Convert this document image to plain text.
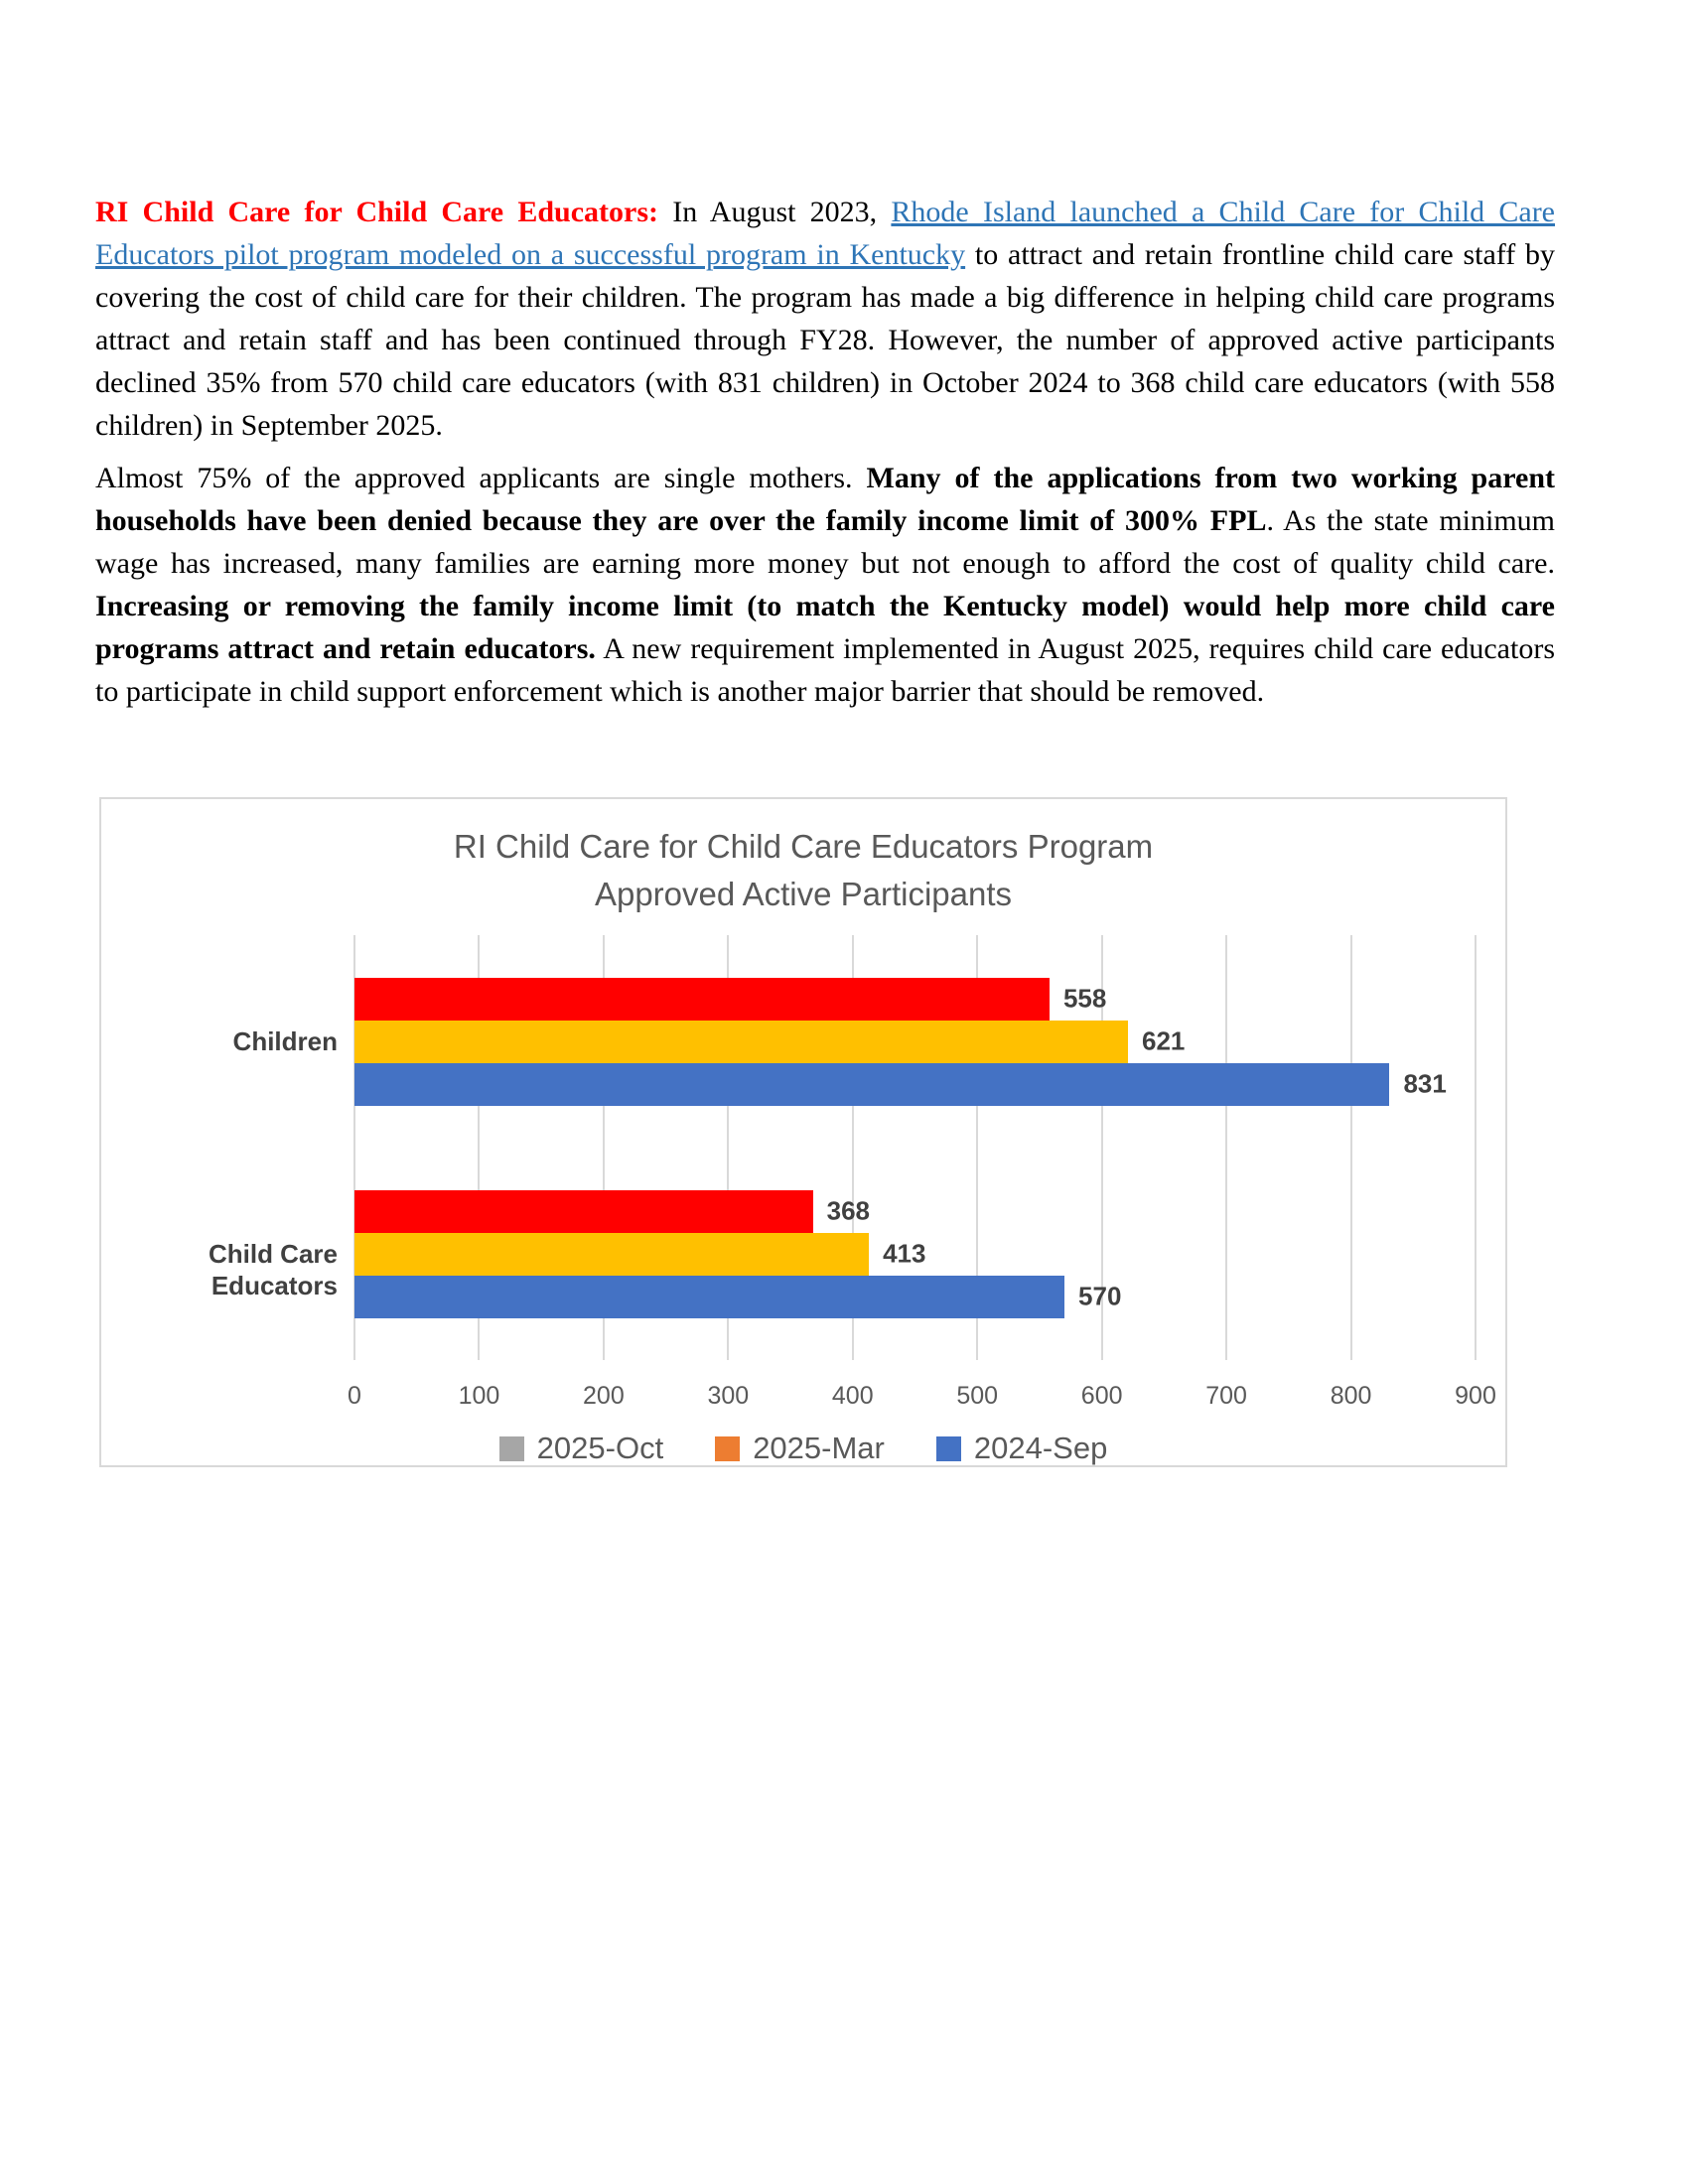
RI Child Care for Child Care Educators: In August 2023, Rhode Island launched a Child Care for Child Care Educators pilot program modeled on a successful program in Kentucky to attract and retain frontline child care staff by covering the cost of child care for their children. The program has made a big difference in helping child care programs attract and retain staff and has been continued through FY28. However, the number of approved active participants declined 35% from 570 child care educators (with 831 children) in October 2024 to 368 child care educators (with 558 children) in September 2025.

Almost 75% of the approved applicants are single mothers. Many of the applications from two working parent households have been denied because they are over the family income limit of 300% FPL. As the state minimum wage has increased, many families are earning more money but not enough to afford the cost of quality child care. Increasing or removing the family income limit (to match the Kentucky model) would help more child care programs attract and retain educators. A new requirement implemented in August 2025, requires child care educators to participate in child support enforcement which is another major barrier that should be removed.

RI Child Care for Child Care Educators Program
Approved Active Participants
558
621
831
368
413
570
0	100	200	300	400	500	600	700	800	900
2025-Oct	2025-Mar	2024-Sep
Children
Child Care Educators
